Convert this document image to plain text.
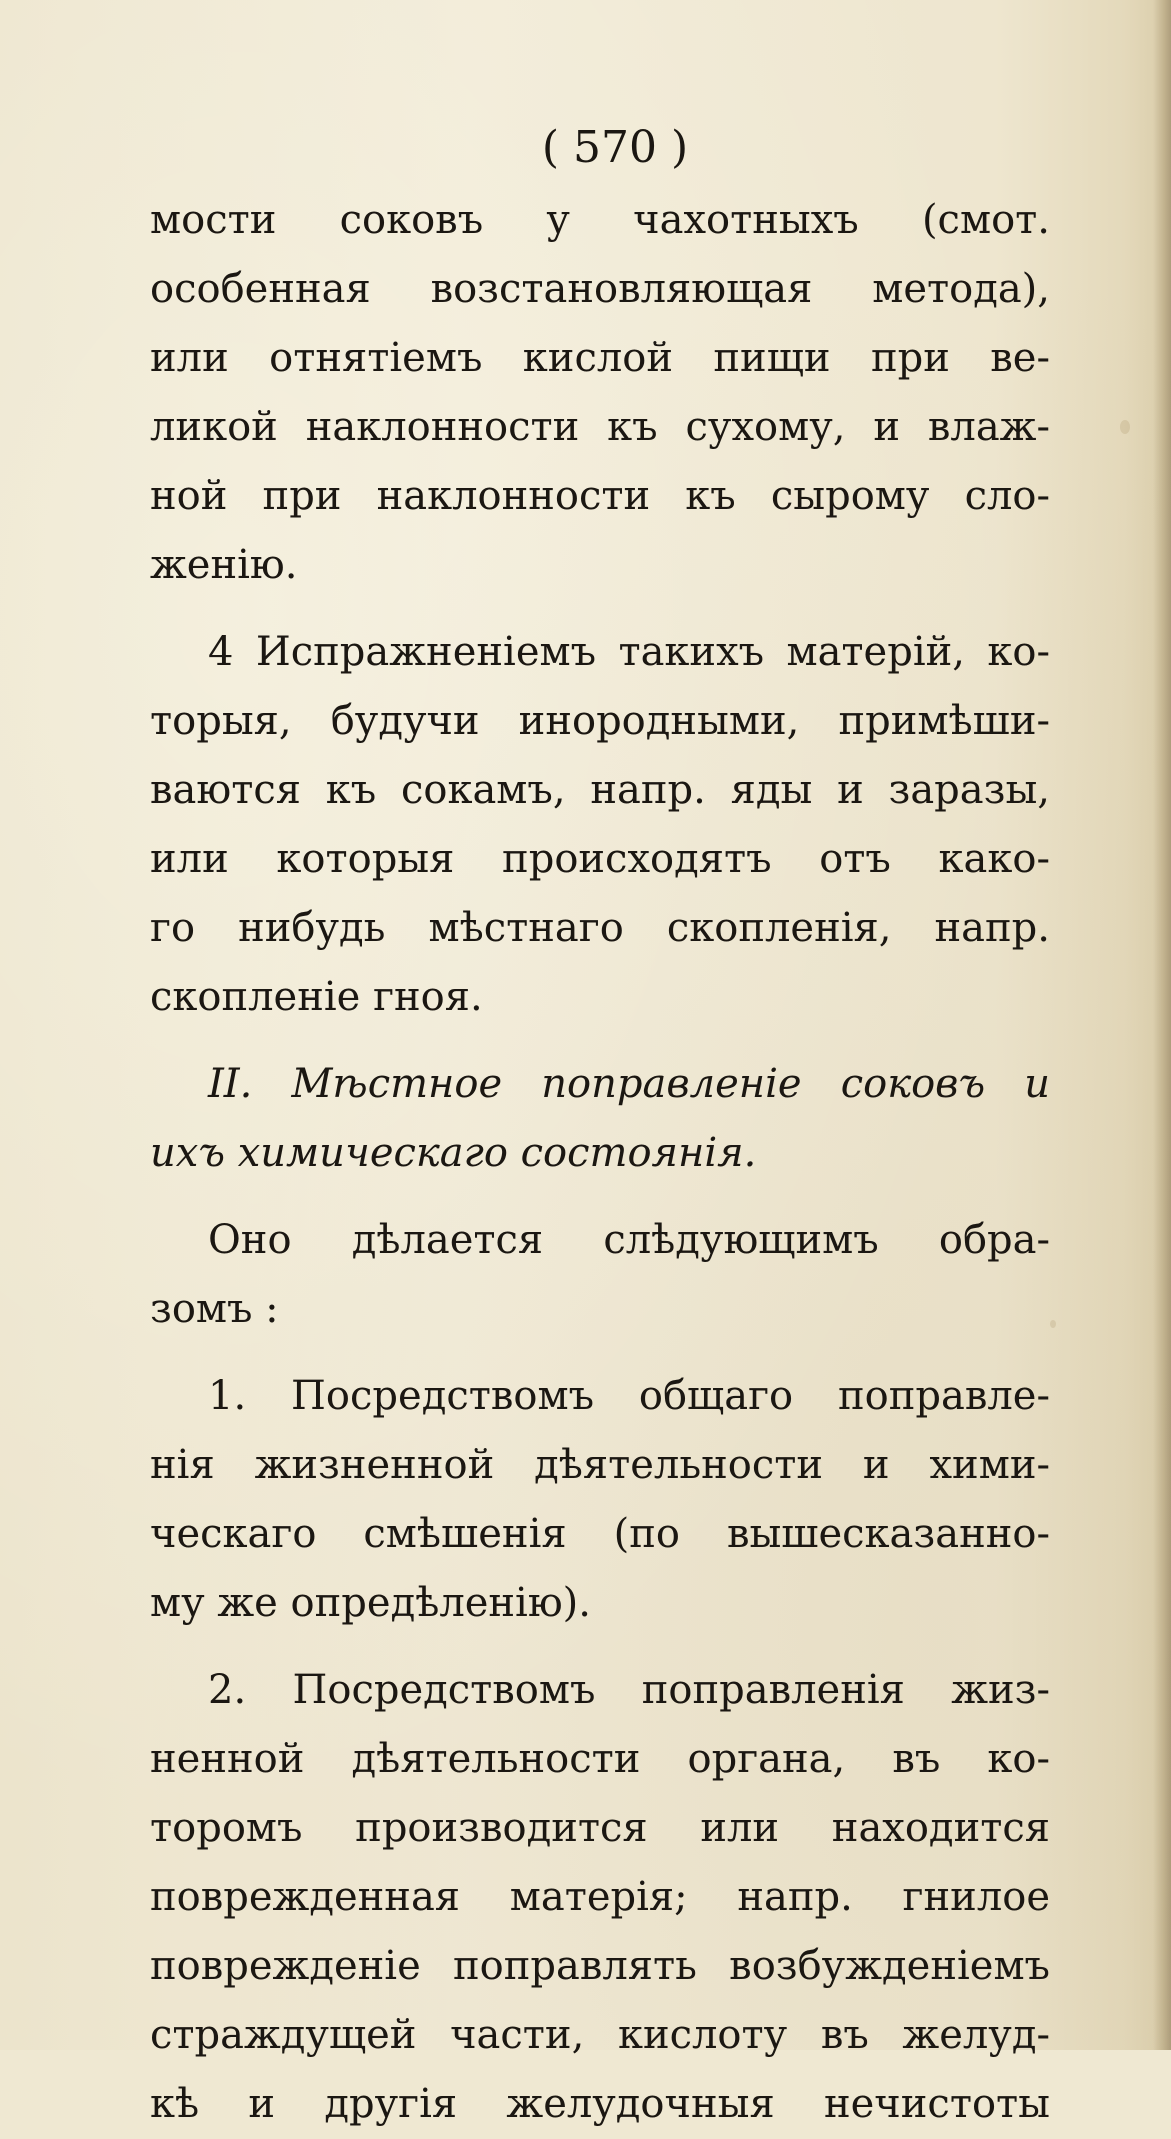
( 570 )
мости соковъ у чахотныхъ (смот.
особенная возстановляющая метода),
или отнятiемъ кислой пищи при ве-
ликой наклонности къ сухому, и влаж-
ной при наклонности къ сырому сло-
женiю.
4 Испражненiемъ такихъ матерiй, ко-
торыя, будучи инородными, примѣши-
ваются къ сокамъ, напр. яды и заразы,
или которыя происходятъ отъ како-
го нибудь мѣстнаго скопленiя, напр.
скопленiе гноя.
II. Мѣстное поправленiе соковъ и
ихъ химическаго состоянiя.
Оно дѣлается слѣдующимъ обра-
зомъ :
1. Посредствомъ общаго поправле-
нiя жизненной дѣятельности и хими-
ческаго смѣшенiя (по вышесказанно-
му же опредѣленiю).
2. Посредствомъ поправленiя жиз-
ненной дѣятельности органа, въ ко-
торомъ производится или находится
поврежденная матерiя; напр. гнилое
поврежденiе поправлять возбужденiемъ
страждущей части, кислоту въ желуд-
кѣ и другiя желудочныя нечистоты
